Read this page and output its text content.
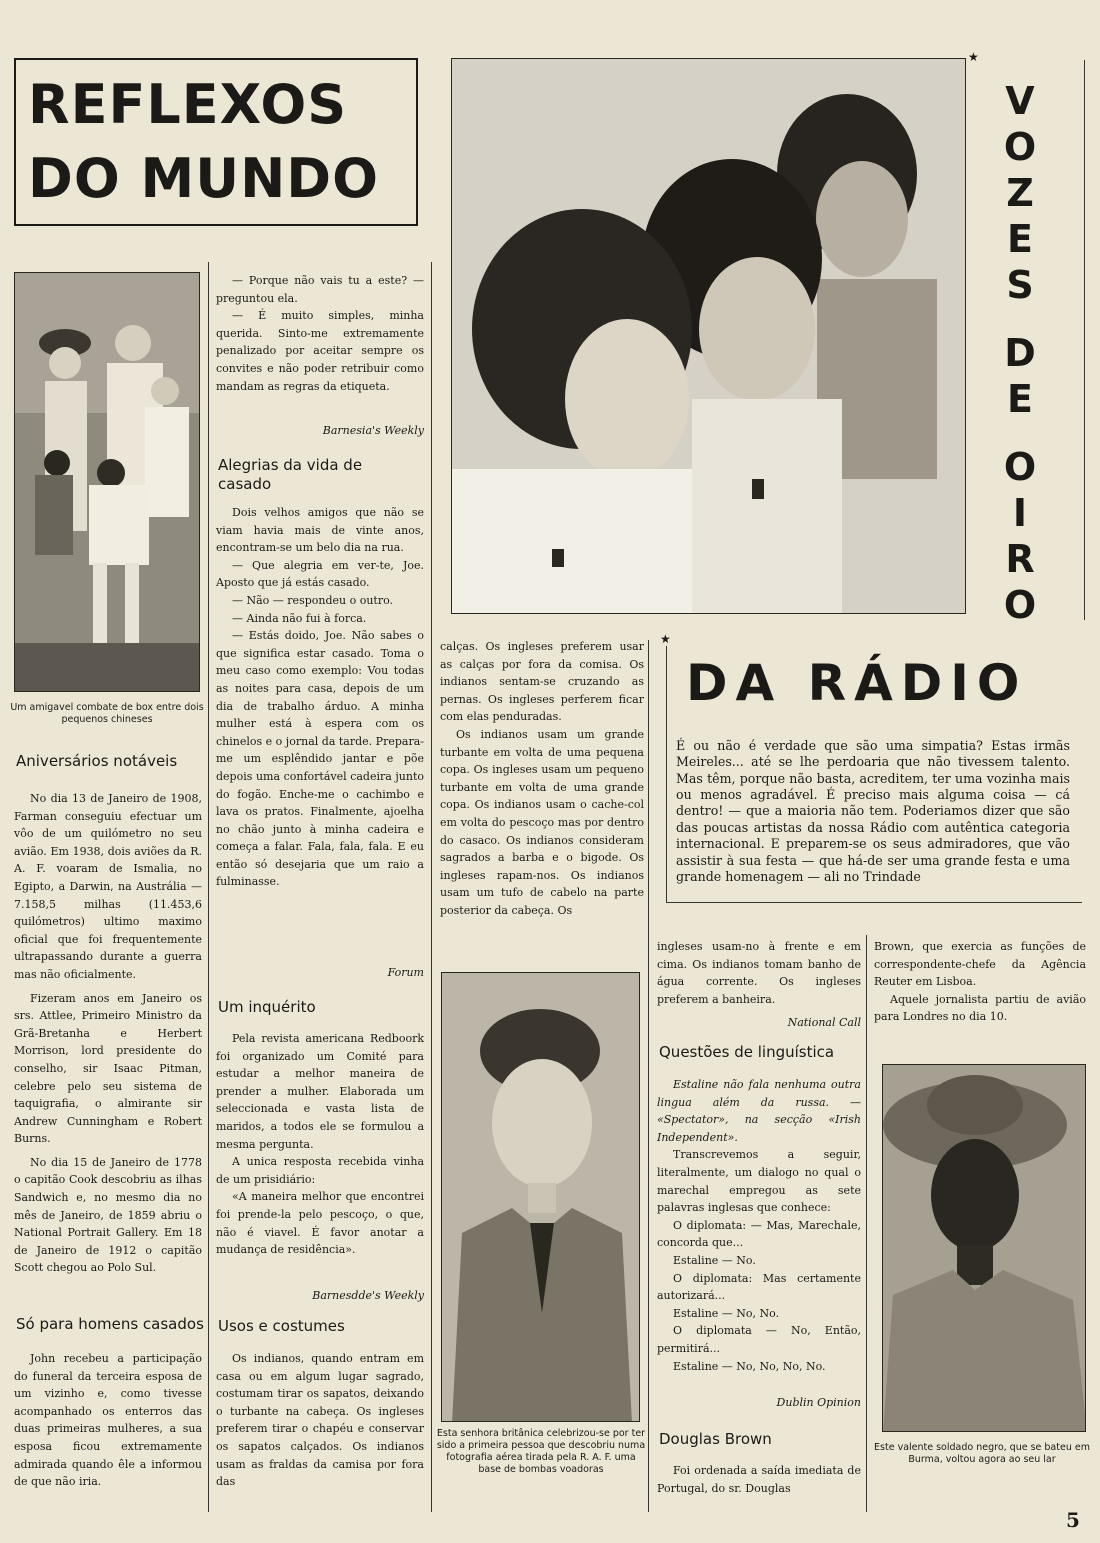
REFLEXOS
DO MUNDO
Um amigavel combate de box entre dois pequenos chineses
Aniversários notáveis

No dia 13 de Janeiro de 1908, Farman conseguiu efectuar um vôo de um quilómetro no seu avião. Em 1938, dois aviões da R. A. F. voaram de Ismalia, no Egipto, a Darwin, na Austrália — 7.158,5 milhas (11.453,6 quilómetros) ultimo maximo oficial que foi frequentemente ultrapassando durante a guerra mas não oficialmente.

Fizeram anos em Janeiro os srs. Attlee, Primeiro Ministro da Grã-Bretanha e Herbert Morrison, lord presidente do conselho, sir Isaac Pitman, celebre pelo seu sistema de taquigrafia, o almirante sir Andrew Cunningham e Robert Burns.

No dia 15 de Janeiro de 1778 o capitão Cook descobriu as ilhas Sandwich e, no mesmo dia no mês de Janeiro, de 1859 abriu o National Portrait Gallery. Em 18 de Janeiro de 1912 o capitão Scott chegou ao Polo Sul.

Só para homens casados

John recebeu a participação do funeral da terceira esposa de um vizinho e, como tivesse acompanhado os enterros das duas primeiras mulheres, a sua esposa ficou extremamente admirada quando êle a informou de que não iria.

— Porque não vais tu a este? — preguntou ela.

— É muito simples, minha querida. Sinto-me extremamente penalizado por aceitar sempre os convites e não poder retribuir como mandam as regras da etiqueta.

Barnesia's Weekly
Alegrias da vida de casado

Dois velhos amigos que não se viam havia mais de vinte anos, encontram-se um belo dia na rua.

— Que alegria em ver-te, Joe. Aposto que já estás casado.

— Não — respondeu o outro.

— Ainda não fui à forca.

— Estás doido, Joe. Não sabes o que significa estar casado. Toma o meu caso como exemplo: Vou todas as noites para casa, depois de um dia de trabalho árduo. A minha mulher está à espera com os chinelos e o jornal da tarde. Prepara-me um esplêndido jantar e põe depois uma confortável cadeira junto do fogão. Enche-me o cachimbo e lava os pratos. Finalmente, ajoelha no chão junto à minha cadeira e começa a falar. Fala, fala, fala. E eu então só desejaria que um raio a fulminasse.

Forum
Um inquérito

Pela revista americana Redboork foi organizado um Comité para estudar a melhor maneira de prender a mulher. Elaborada um seleccionada e vasta lista de maridos, a todos ele se formulou a mesma pergunta.

A unica resposta recebida vinha de um prisidiário:

«A maneira melhor que encontrei foi prende-la pelo pescoço, o que, não é viavel. É favor anotar a mudança de residência».

Barnesdde's Weekly
Usos e costumes

Os indianos, quando entram em casa ou em algum lugar sagrado, costumam tirar os sapatos, deixando o turbante na cabeça. Os ingleses preferem tirar o chapéu e conservar os sapatos calçados. Os indianos usam as fraldas da camisa por fora das

★
V
O
Z
E
S
D
E
O
I
R
O
★
DA RÁDIO
É ou não é verdade que são uma simpatia? Estas irmãs Meireles... até se lhe perdoaria que não tivessem talento. Mas têm, porque não basta, acreditem, ter uma vozinha mais ou menos agradável. É preciso mais alguma coisa — cá dentro! — que a maioria não tem. Poderiamos dizer que são das poucas artistas da nossa Rádio com autêntica categoria internacional. E preparem-se os seus admiradores, que vão assistir à sua festa — que há-de ser uma grande festa e uma grande homenagem — ali no Trindade

calças. Os ingleses preferem usar as calças por fora da comisa. Os indianos sentam-se cruzando as pernas. Os ingleses perferem ficar com elas penduradas.

Os indianos usam um grande turbante em volta de uma pequena copa. Os ingleses usam um pequeno turbante em volta de uma grande copa. Os indianos usam o cache-col em volta do pescoço mas por dentro do casaco. Os indianos consideram sagrados a barba e o bigode. Os ingleses rapam-nos. Os indianos usam um tufo de cabelo na parte posterior da cabeça. Os

Esta senhora britânica celebrizou-se por ter sido a primeira pessoa que descobriu numa fotografia aérea tirada pela R. A. F. uma base de bombas voadoras

ingleses usam-no à frente e em cima. Os indianos tomam banho de água corrente. Os ingleses preferem a banheira.

National Call
Questões de linguística

Estaline não fala nenhuma outra lingua além da russa. — «Spectator», na secção «Irish Independent».

Transcrevemos a seguir, literalmente, um dialogo no qual o marechal empregou as sete palavras inglesas que conhece:

O diplomata: — Mas, Marechale, concorda que...

Estaline — No.

O diplomata: Mas certamente autorizará...

Estaline — No, No.

O diplomata — No, Então, permitirá...

Estaline — No, No, No, No.

Dublin Opinion
Douglas Brown

Foi ordenada a saída imediata de Portugal, do sr. Douglas

Brown, que exercia as funções de correspondente-chefe da Agência Reuter em Lisboa.

Aquele jornalista partiu de avião para Londres no dia 10.

Este valente soldado negro, que se bateu em Burma, voltou agora ao seu lar
5
